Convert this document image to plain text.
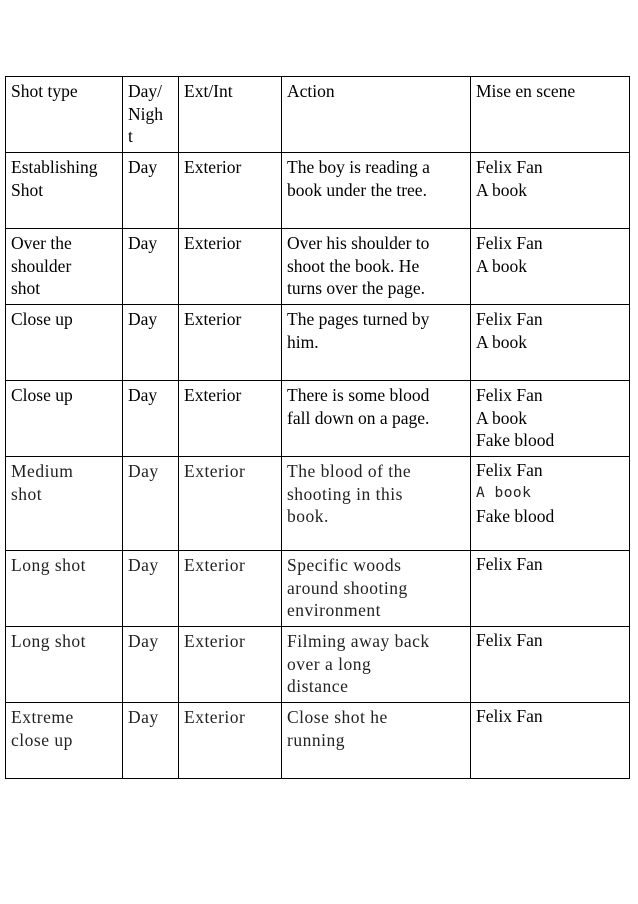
Shot type	Day/
Nigh
t	Ext/Int	Action	Mise en scene

Establishing
Shot	Day	Exterior	The boy is reading a
book under the tree.	Felix Fan
A book

Over the
shoulder
shot	Day	Exterior	Over his shoulder to
shoot the book. He
turns over the page.	Felix Fan
A book

Close up	Day	Exterior	The pages turned by
him.	Felix Fan
A book

Close up	Day	Exterior	There is some blood
fall down on a page.	Felix Fan
A book
Fake blood

Medium
shot	Day	Exterior	The blood of the
shooting in this
book.	Felix Fan
A book
Fake blood

Long shot	Day	Exterior	Specific woods
around shooting
environment	Felix Fan

Long shot	Day	Exterior	Filming away back
over a long
distance	Felix Fan

Extreme
close up	Day	Exterior	Close shot he
running	Felix Fan
